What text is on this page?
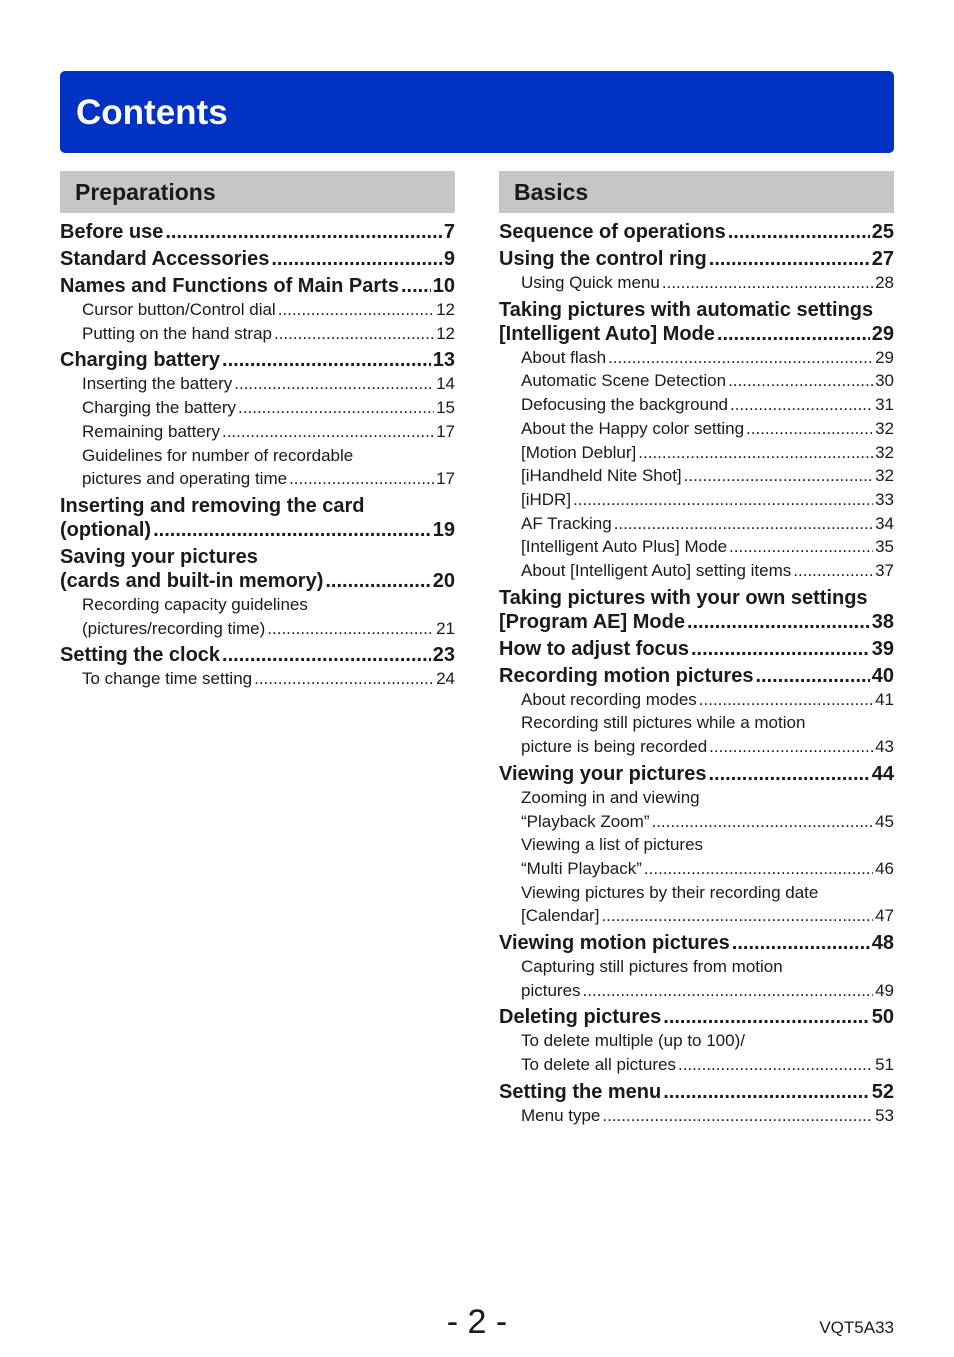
Contents
Preparations
Before use .....	7
Standard Accessories .....	9
Names and Functions of Main Parts ..... 10
Cursor button/Control dial .....	12
Putting on the hand strap .....	12
Charging battery .....	13
Inserting the battery .....	14
Charging the battery .....	15
Remaining battery .....	17
Guidelines for number of recordable
pictures and operating time .....	17
Inserting and removing the card
(optional) .....	19
Saving your pictures
(cards and built-in memory) .....	20
Recording capacity guidelines
(pictures/recording time) .....	21
Setting the clock .....	23
To change time setting .....	24
Basics
Sequence of operations .....	25
Using the control ring .....	27
Using Quick menu .....	28
Taking pictures with automatic settings
[Intelligent Auto] Mode .....	29
About flash .....	29
Automatic Scene Detection .....	30
Defocusing the background .....	31
About the Happy color setting .....	32
[Motion Deblur] .....	32
[iHandheld Nite Shot] .....	32
[iHDR] .....	33
AF Tracking .....	34
[Intelligent Auto Plus] Mode .....	35
About [Intelligent Auto] setting items .....	37
Taking pictures with your own settings
[Program AE] Mode .....	38
How to adjust focus .....	39
Recording motion pictures .....	40
About recording modes .....	41
Recording still pictures while a motion
picture is being recorded .....	43
Viewing your pictures .....	44
Zooming in and viewing
“Playback Zoom” .....	45
Viewing a list of pictures
“Multi Playback” .....	46
Viewing pictures by their recording date
[Calendar] .....	47
Viewing motion pictures .....	48
Capturing still pictures from motion
pictures .....	49
Deleting pictures .....	50
To delete multiple (up to 100)/
To delete all pictures .....	51
Setting the menu .....	52
Menu type .....	53
- 2 -	VQT5A33
